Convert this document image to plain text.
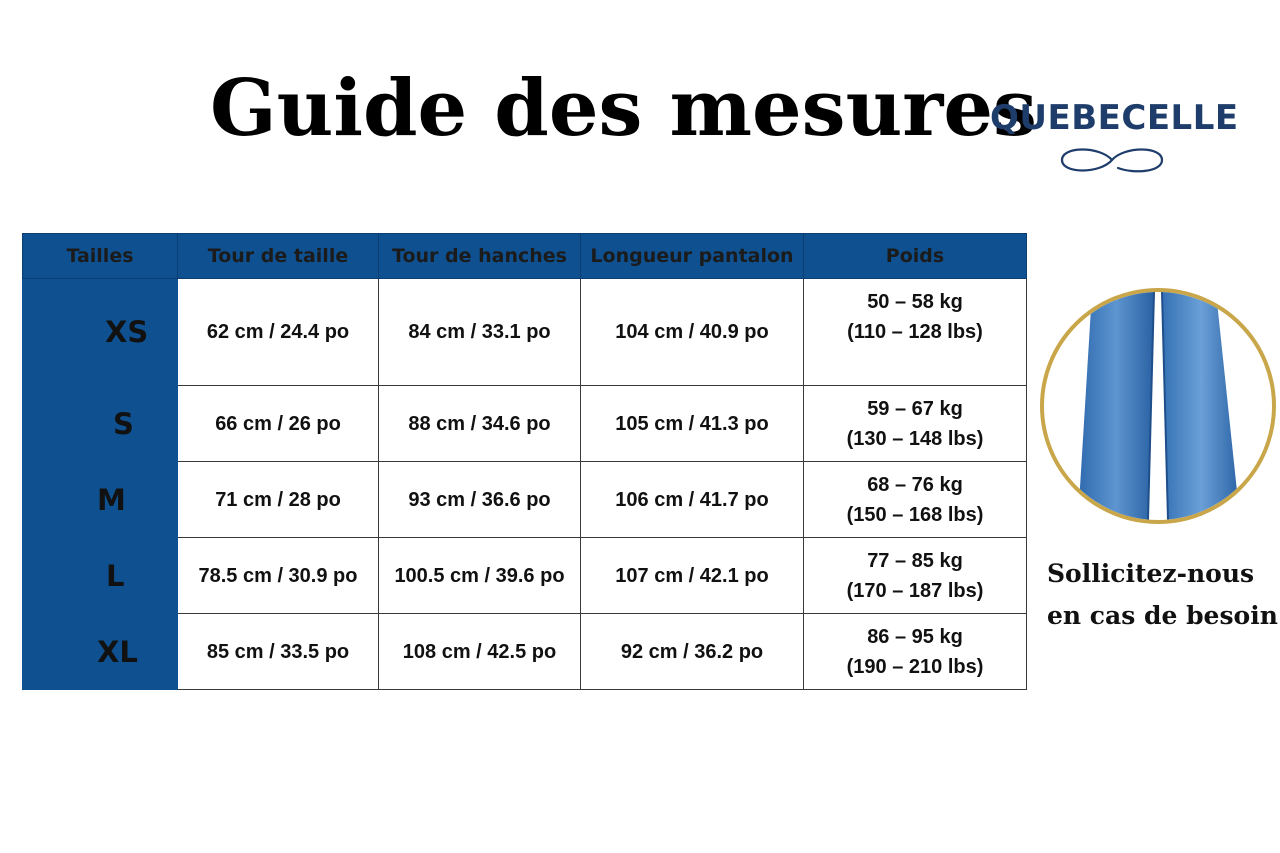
Guide des mesures
QUEBECELLE
Tailles	Tour de taille	Tour de hanches	Longueur pantalon	Poids
XS	62 cm / 24.4 po	84 cm / 33.1 po	104 cm / 40.9 po	50 – 58 kg
(110 – 128 lbs)

S	66 cm / 26 po	88 cm / 34.6 po	105 cm / 41.3 po	59 – 67 kg
(130 – 148 lbs)

M	71 cm / 28 po	93 cm / 36.6 po	106 cm / 41.7 po	68 – 76 kg
(150 – 168 lbs)

L	78.5 cm / 30.9 po	100.5 cm / 39.6 po	107 cm / 42.1 po	77 – 85 kg
(170 – 187 lbs)

XL	85 cm / 33.5 po	108 cm / 42.5 po	92 cm / 36.2 po	86 – 95 kg
(190 – 210 lbs)
Sollicitez-nous
en cas de besoin
